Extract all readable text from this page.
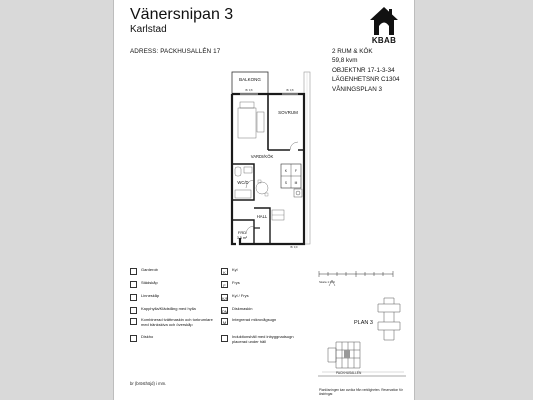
Vänersnipan 3
Karlstad
KBAB
ADRESS: PACKHUSALLÉN 17	2 RUM & KÖK
59,8 kvm
OBJEKTNR 17-1-3-34
LÄGENHETSNR C1304
VÅNINGSPLAN 3
BALKONG
Br 0,8	Br 0,8
SOVRUM
VARDI/KÖK
WC/D
K F
S M
HALL
FRD
3,5 m²
Br 0,9
Garderob
Städskåp
Linneskåp
Kapphylla/Klädstång med hylla
Kombinerad tvättmaskin och torkrumlare med bänkskiva och överskåp
Diskho
K
Kyl
F
Frys
K/F
Kyl / Frys
DM
Diskmaskin
M
Integrerad mikrovågsugn
Induktionshäll med inbyggnadsugn placerad under häll
br (brösthöjd) i mm.
Skala 1:100
PLAN 3
PACKHUSALLÉN
Planlösningen kan avvika från verkligheten. Reservation för ändringar.
